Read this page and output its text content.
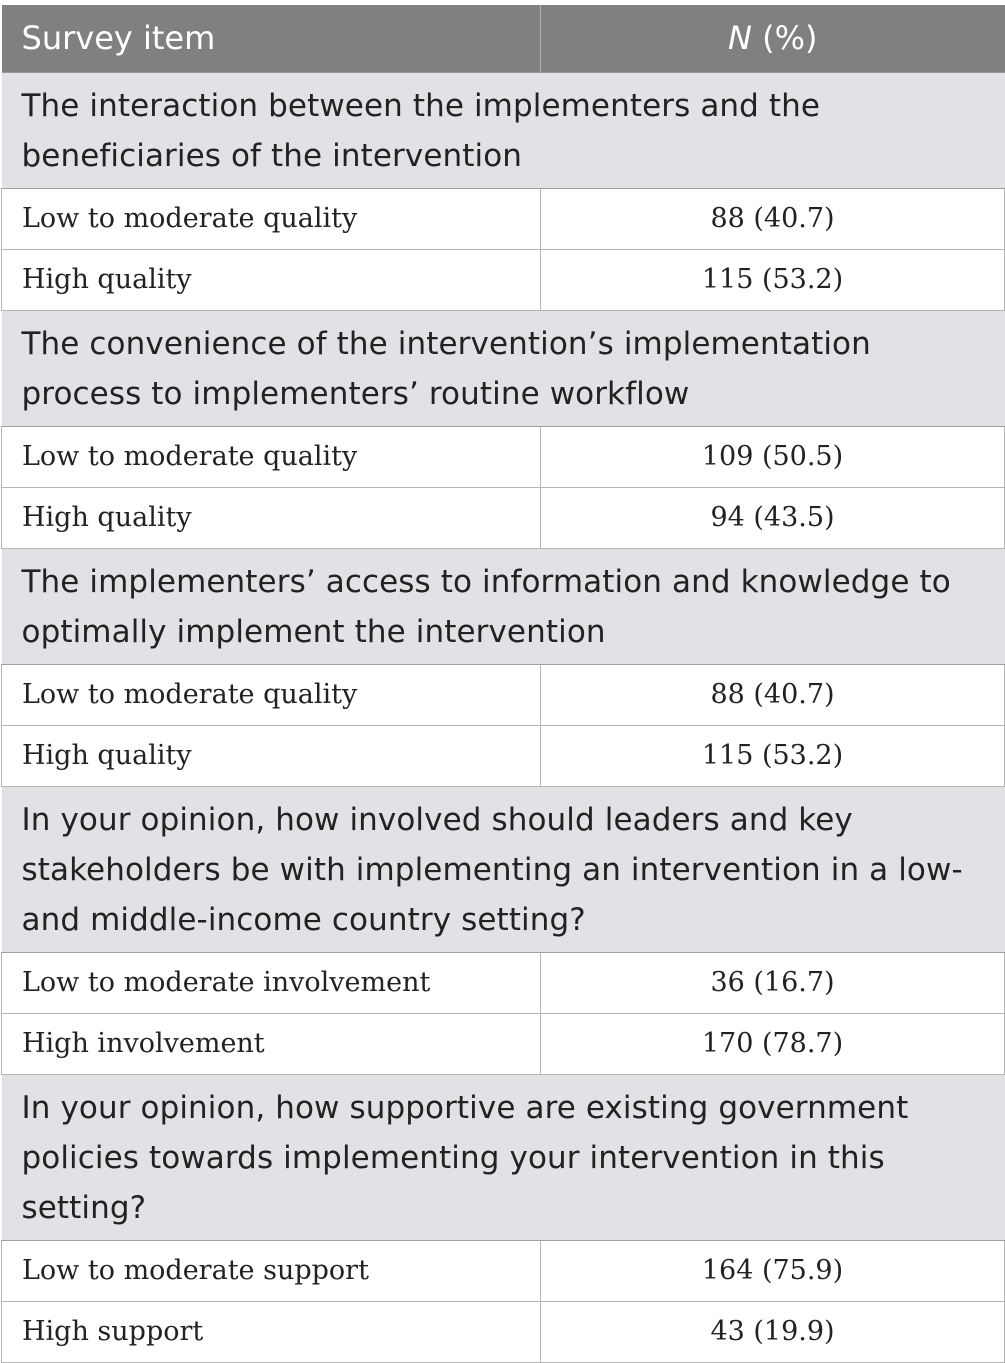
Survey item	N (%)
The interaction between the implementers and the beneficiaries of the intervention	
Low to moderate quality	88 (40.7)
High quality	115 (53.2)
The convenience of the intervention’s implementation process to implementers’ routine workflow	
Low to moderate quality	109 (50.5)
High quality	94 (43.5)
The implementers’ access to information and knowledge to optimally implement the intervention	
Low to moderate quality	88 (40.7)
High quality	115 (53.2)
In your opinion, how involved should leaders and key stakeholders be with implementing an intervention in a low- and middle-income country setting?	
Low to moderate involvement	36 (16.7)
High involvement	170 (78.7)
In your opinion, how supportive are existing government policies towards implementing your intervention in this setting?	
Low to moderate support	164 (75.9)
High support	43 (19.9)
